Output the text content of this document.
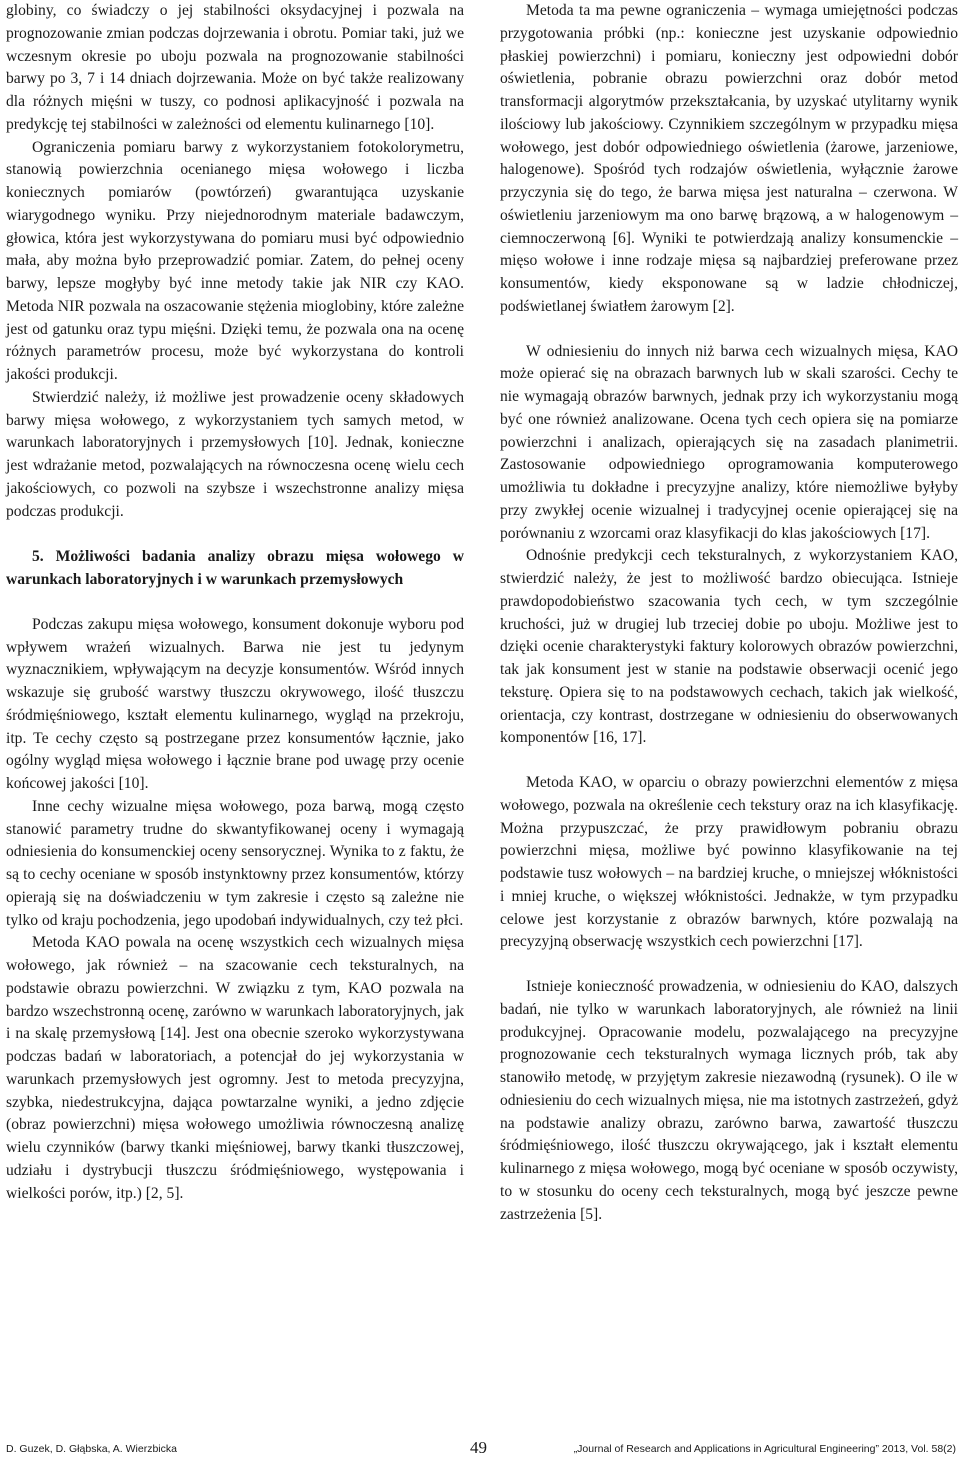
globiny, co świadczy o jej stabilności oksydacyjnej i pozwala na prognozowanie zmian podczas dojrzewania i obrotu. Pomiar taki, już we wczesnym okresie po uboju pozwala na prognozowanie stabilności barwy po 3, 7 i 14 dniach dojrzewania. Może on być także realizowany dla różnych mięśni w tuszy, co podnosi aplikacyjność i pozwala na predykcję tej stabilności w zależności od elementu kulinarnego [10].

Ograniczenia pomiaru barwy z wykorzystaniem fotokolorymetru, stanowią powierzchnia ocenianego mięsa wołowego i liczba koniecznych pomiarów (powtórzeń) gwarantująca uzyskanie wiarygodnego wyniku. Przy niejednorodnym materiale badawczym, głowica, która jest wykorzystywana do pomiaru musi być odpowiednio mała, aby można było przeprowadzić pomiar. Zatem, do pełnej oceny barwy, lepsze mogłyby być inne metody takie jak NIR czy KAO. Metoda NIR pozwala na oszacowanie stężenia mioglobiny, które zależne jest od gatunku oraz typu mięśni. Dzięki temu, że pozwala ona na ocenę różnych parametrów procesu, może być wykorzystana do kontroli jakości produkcji.

Stwierdzić należy, iż możliwe jest prowadzenie oceny składowych barwy mięsa wołowego, z wykorzystaniem tych samych metod, w warunkach laboratoryjnych i przemysłowych [10]. Jednak, konieczne jest wdrażanie metod, pozwalających na równoczesna ocenę wielu cech jakościowych, co pozwoli na szybsze i wszechstronne analizy mięsa podczas produkcji.

5. Możliwości badania analizy obrazu mięsa wołowego w warunkach laboratoryjnych i w warunkach przemysłowych

Podczas zakupu mięsa wołowego, konsument dokonuje wyboru pod wpływem wrażeń wizualnych. Barwa nie jest tu jedynym wyznacznikiem, wpływającym na decyzje konsumentów. Wśród innych wskazuje się grubość warstwy tłuszczu okrywowego, ilość tłuszczu śródmięśniowego, kształt elementu kulinarnego, wygląd na przekroju, itp. Te cechy często są postrzegane przez konsumentów łącznie, jako ogólny wygląd mięsa wołowego i łącznie brane pod uwagę przy ocenie końcowej jakości [10].

Inne cechy wizualne mięsa wołowego, poza barwą, mogą często stanowić parametry trudne do skwantyfikowanej oceny i wymagają odniesienia do konsumenckiej oceny sensorycznej. Wynika to z faktu, że są to cechy oceniane w sposób instynktowny przez konsumentów, którzy opierają się na doświadczeniu w tym zakresie i często są zależne nie tylko od kraju pochodzenia, jego upodobań indywidualnych, czy też płci.

Metoda KAO powala na ocenę wszystkich cech wizualnych mięsa wołowego, jak również – na szacowanie cech teksturalnych, na podstawie obrazu powierzchni. W związku z tym, KAO pozwala na bardzo wszechstronną ocenę, zarówno w warunkach laboratoryjnych, jak i na skalę przemysłową [14]. Jest ona obecnie szeroko wykorzystywana podczas badań w laboratoriach, a potencjał do jej wykorzystania w warunkach przemysłowych jest ogromny. Jest to metoda precyzyjna, szybka, niedestrukcyjna, dająca powtarzalne wyniki, a jedno zdjęcie (obraz powierzchni) mięsa wołowego umożliwia równoczesną analizę wielu czynników (barwy tkanki mięśniowej, barwy tkanki tłuszczowej, udziału i dystrybucji tłuszczu śródmięśniowego, występowania i wielkości porów, itp.) [2, 5].

Metoda ta ma pewne ograniczenia – wymaga umiejętności podczas przygotowania próbki (np.: konieczne jest uzyskanie odpowiednio płaskiej powierzchni) i pomiaru, konieczny jest odpowiedni dobór oświetlenia, pobranie obrazu powierzchni oraz dobór metod transformacji algorytmów przekształcania, by uzyskać utylitarny wynik ilościowy lub jakościowy. Czynnikiem szczególnym w przypadku mięsa wołowego, jest dobór odpowiedniego oświetlenia (żarowe, jarzeniowe, halogenowe). Spośród tych rodzajów oświetlenia, wyłącznie żarowe przyczynia się do tego, że barwa mięsa jest naturalna – czerwona. W oświetleniu jarzeniowym ma ono barwę brązową, a w halogenowym – ciemnoczerwoną [6]. Wyniki te potwierdzają analizy konsumenckie – mięso wołowe i inne rodzaje mięsa są najbardziej preferowane przez konsumentów, kiedy eksponowane są w ladzie chłodniczej, podświetlanej światłem żarowym [2].

W odniesieniu do innych niż barwa cech wizualnych mięsa, KAO może opierać się na obrazach barwnych lub w skali szarości. Cechy te nie wymagają obrazów barwnych, jednak przy ich wykorzystaniu mogą być one również analizowane. Ocena tych cech opiera się na pomiarze powierzchni i analizach, opierających się na zasadach planimetrii. Zastosowanie odpowiedniego oprogramowania komputerowego umożliwia tu dokładne i precyzyjne analizy, które niemożliwe byłyby przy zwykłej ocenie wizualnej i tradycyjnej ocenie opierającej się na porównaniu z wzorcami oraz klasyfikacji do klas jakościowych [17].

Odnośnie predykcji cech teksturalnych, z wykorzystaniem KAO, stwierdzić należy, że jest to możliwość bardzo obiecująca. Istnieje prawdopodobieństwo szacowania tych cech, w tym szczególnie kruchości, już w drugiej lub trzeciej dobie po uboju. Możliwe jest to dzięki ocenie charakterystyki faktury kolorowych obrazów powierzchni, tak jak konsument jest w stanie na podstawie obserwacji ocenić jego teksturę. Opiera się to na podstawowych cechach, takich jak wielkość, orientacja, czy kontrast, dostrzegane w odniesieniu do obserwowanych komponentów [16, 17].

Metoda KAO, w oparciu o obrazy powierzchni elementów z mięsa wołowego, pozwala na określenie cech tekstury oraz na ich klasyfikację. Można przypuszczać, że przy prawidłowym pobraniu obrazu powierzchni mięsa, możliwe być powinno klasyfikowanie na tej podstawie tusz wołowych – na bardziej kruche, o mniejszej włóknistości i mniej kruche, o większej włóknistości. Jednakże, w tym przypadku celowe jest korzystanie z obrazów barwnych, które pozwalają na precyzyjną obserwację wszystkich cech powierzchni [17].

Istnieje konieczność prowadzenia, w odniesieniu do KAO, dalszych badań, nie tylko w warunkach laboratoryjnych, ale również na linii produkcyjnej. Opracowanie modelu, pozwalającego na precyzyjne prognozowanie cech teksturalnych wymaga licznych prób, tak aby stanowiło metodę, w przyjętym zakresie niezawodną (rysunek). O ile w odniesieniu do cech wizualnych mięsa, nie ma istotnych zastrzeżeń, gdyż na podstawie analizy obrazu, zarówno barwa, zawartość tłuszczu śródmięśniowego, ilość tłuszczu okrywającego, jak i kształt elementu kulinarnego z mięsa wołowego, mogą być oceniane w sposób oczywisty, to w stosunku do oceny cech teksturalnych, mogą być jeszcze pewne zastrzeżenia [5].

D. Guzek, D. Głąbska, A. Wierzbicka	49	„Journal of Research and Applications in Agricultural Engineering” 2013, Vol. 58(2)
